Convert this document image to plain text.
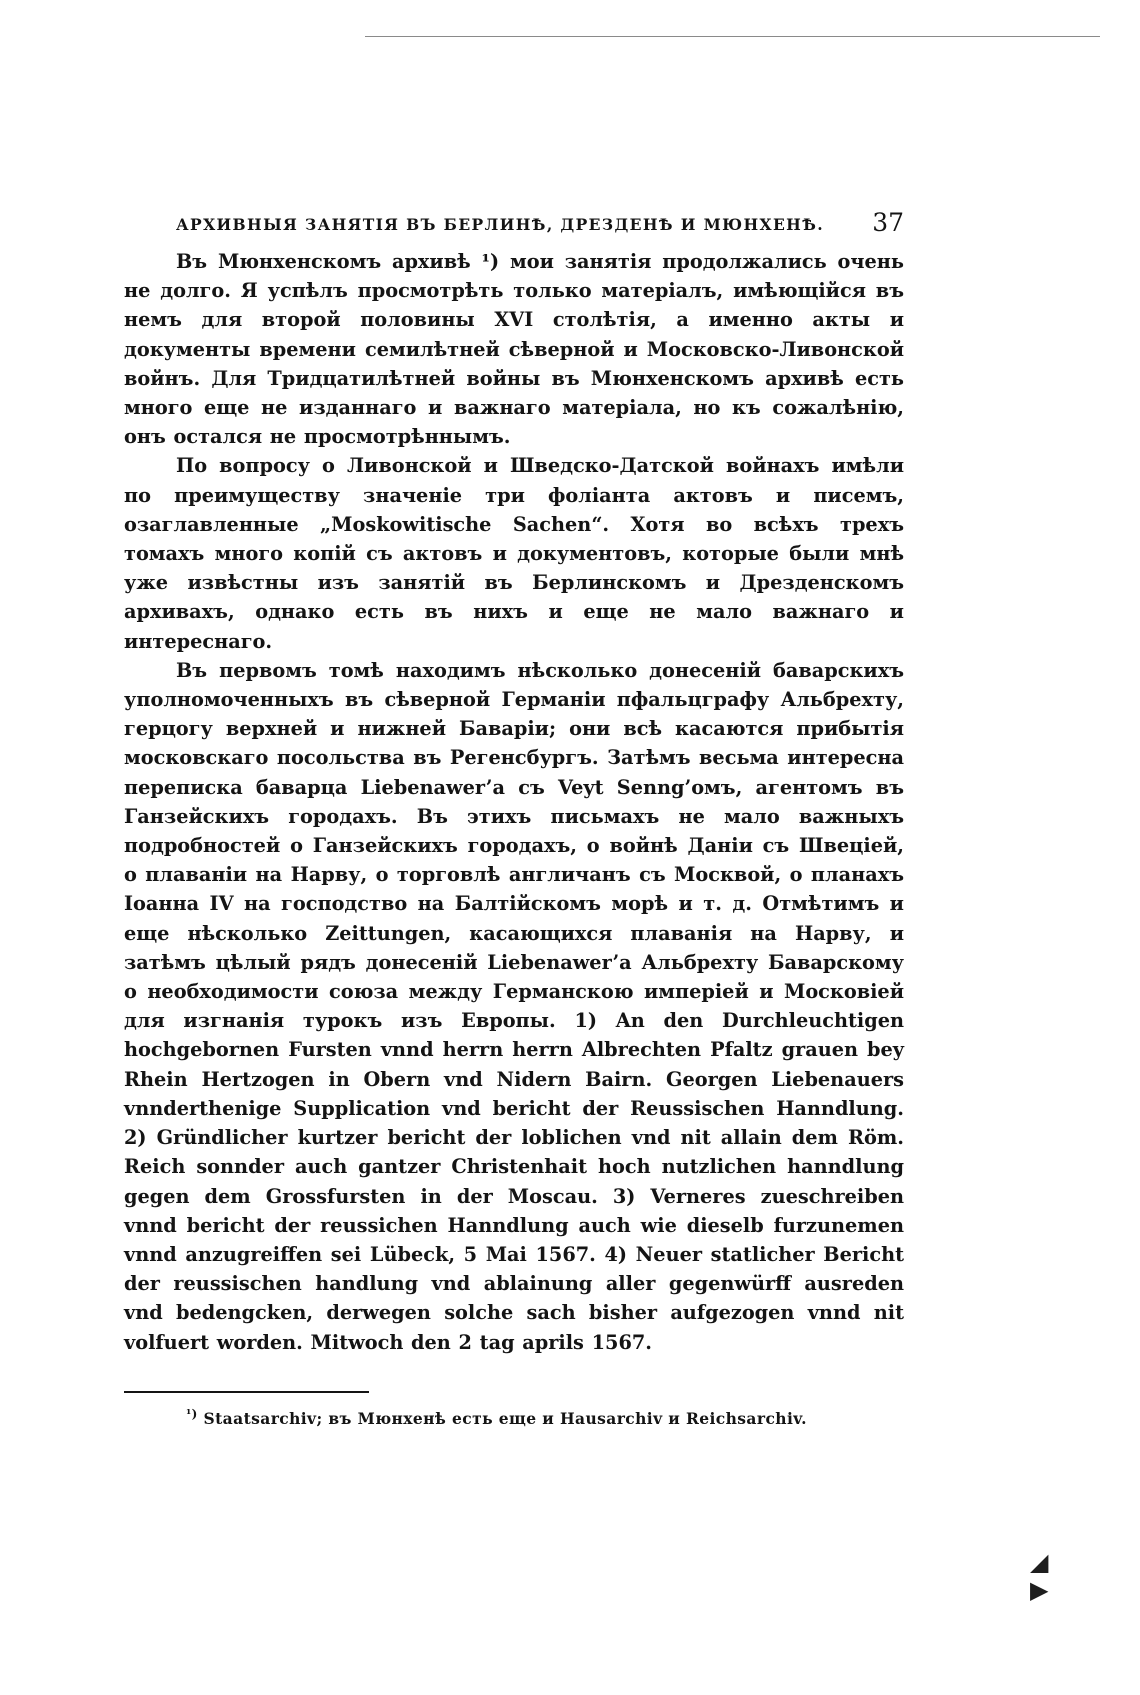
АРХИВНЫЯ ЗАНЯТІЯ ВЪ БЕРЛИНѢ, ДРЕЗДЕНѢ И МЮНХЕНѢ. 37

Въ Мюнхенскомъ архивѣ ¹) мои занятія продолжались очень не долго. Я успѣлъ просмотрѣть только матеріалъ, имѣющійся въ немъ для второй половины XVI столѣтія, а именно акты и документы времени семилѣтней сѣверной и Московско-Ливонской войнъ. Для Тридцатилѣтней войны въ Мюнхенскомъ архивѣ есть много еще не изданнаго и важнаго матеріала, но къ сожалѣнію, онъ остался не просмотрѣннымъ.

По вопросу о Ливонской и Шведско-Датской войнахъ имѣли по преимуществу значеніе три фоліанта актовъ и писемъ, озаглавленные „Moskowitische Sachen“. Хотя во всѣхъ трехъ томахъ много копій съ актовъ и документовъ, которые были мнѣ уже извѣстны изъ занятій въ Берлинскомъ и Дрезденскомъ архивахъ, однако есть въ нихъ и еще не мало важнаго и интереснаго.

Въ первомъ томѣ находимъ нѣсколько донесеній баварскихъ уполномоченныхъ въ сѣверной Германіи пфальцграфу Альбрехту, герцогу верхней и нижней Баваріи; они всѣ касаются прибытія московскаго посольства въ Регенсбургъ. Затѣмъ весьма интересна переписка баварца Liebenawer’а съ Veyt Senng’омъ, агентомъ въ Ганзейскихъ городахъ. Въ этихъ письмахъ не мало важныхъ подробностей о Ганзейскихъ городахъ, о войнѣ Даніи съ Швеціей, о плаваніи на Нарву, о торговлѣ англичанъ съ Москвой, о планахъ Іоанна IV на господство на Балтійскомъ морѣ и т. д. Отмѣтимъ и еще нѣсколько Zeittungen, касающихся плаванія на Нарву, и затѣмъ цѣлый рядъ донесеній Liebenawer’а Альбрехту Баварскому о необходимости союза между Германскою имперіей и Московіей для изгнанія турокъ изъ Европы. 1) An den Durchleuchtigen hochgebornen Fursten vnnd herrn herrn Albrechten Pfaltz grauen bey Rhein Hertzogen in Obern vnd Nidern Bairn. Georgen Liebenauers vnnderthenige Supplication vnd bericht der Reussischen Hanndlung. 2) Gründlicher kurtzer bericht der loblichen vnd nit allain dem Röm. Reich sonnder auch gantzer Christenhait hoch nutzlichen hanndlung gegen dem Grossfursten in der Moscau. 3) Verneres zueschreiben vnnd bericht der reussichen Hanndlung auch wie dieselb furzunemen vnnd anzugreiffen sei Lübeck, 5 Mai 1567. 4) Neuer statlicher Bericht der reussischen handlung vnd ablainung aller gegenwürff ausreden vnd bedengcken, derwegen solche sach bisher aufgezogen vnnd nit volfuert worden. Mitwoch den 2 tag aprils 1567.

$^{^1)}$ Staatsarchiv; въ Мюнхенѣ есть еще и Hausarchiv и Reichsarchiv.
◢ ▶
